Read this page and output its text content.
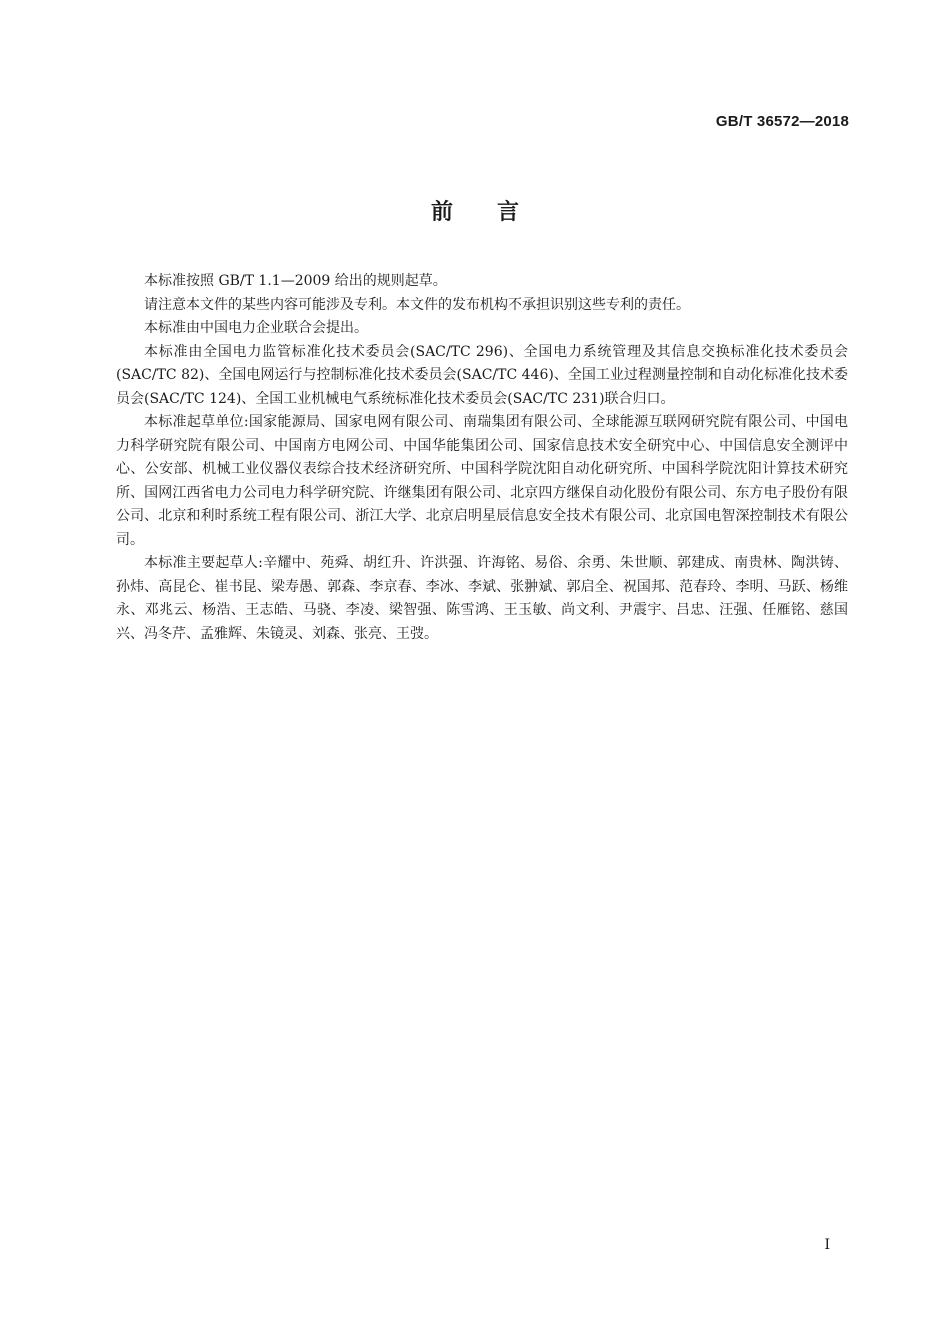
GB/T 36572—2018
前 言

本标准按照 GB/T 1.1—2009 给出的规则起草。

请注意本文件的某些内容可能涉及专利。本文件的发布机构不承担识别这些专利的责任。

本标准由中国电力企业联合会提出。

本标准由全国电力监管标准化技术委员会(SAC/TC 296)、全国电力系统管理及其信息交换标准化技术委员会(SAC/TC 82)、全国电网运行与控制标准化技术委员会(SAC/TC 446)、全国工业过程测量控制和自动化标准化技术委员会(SAC/TC 124)、全国工业机械电气系统标准化技术委员会(SAC/TC 231)联合归口。

本标准起草单位:国家能源局、国家电网有限公司、南瑞集团有限公司、全球能源互联网研究院有限公司、中国电力科学研究院有限公司、中国南方电网公司、中国华能集团公司、国家信息技术安全研究中心、中国信息安全测评中心、公安部、机械工业仪器仪表综合技术经济研究所、中国科学院沈阳自动化研究所、中国科学院沈阳计算技术研究所、国网江西省电力公司电力科学研究院、许继集团有限公司、北京四方继保自动化股份有限公司、东方电子股份有限公司、北京和利时系统工程有限公司、浙江大学、北京启明星辰信息安全技术有限公司、北京国电智深控制技术有限公司。

本标准主要起草人:辛耀中、苑舜、胡红升、许洪强、许海铭、易俗、余勇、朱世顺、郭建成、南贵林、陶洪铸、孙炜、高昆仑、崔书昆、梁寿愚、郭森、李京春、李冰、李斌、张翀斌、郭启全、祝国邦、范春玲、李明、马跃、杨维永、邓兆云、杨浩、王志皓、马骁、李凌、梁智强、陈雪鸿、王玉敏、尚文利、尹震宇、吕忠、汪强、任雁铭、慈国兴、冯冬芹、孟雅辉、朱镜灵、刘森、张亮、王弢。

I
